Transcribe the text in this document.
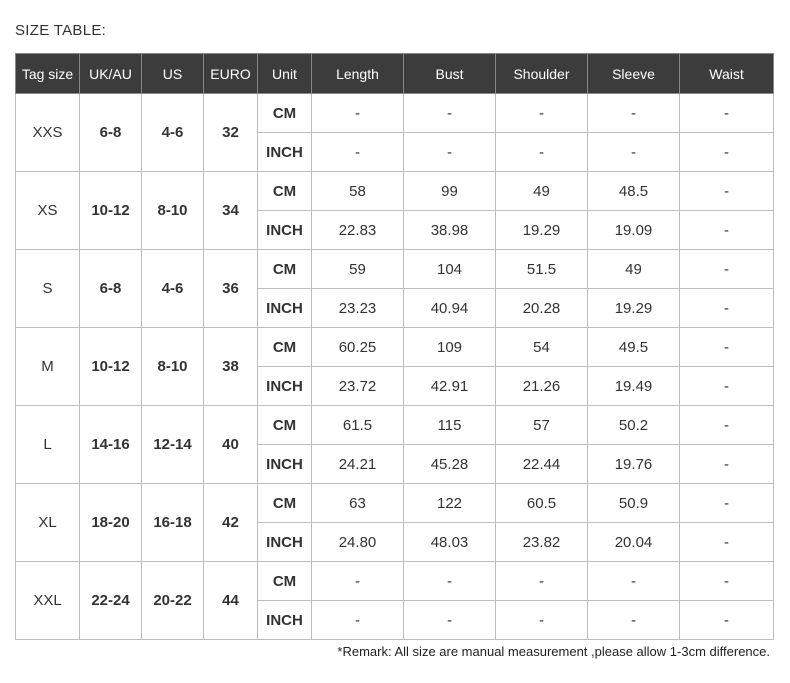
SIZE TABLE:
Tag size	UK/AU	US	EURO	Unit	Length	Bust	Shoulder	Sleeve	Waist
XXS	6-8	4-6	32	CM	-	-	-	-	-
				INCH	-	-	-	-	-
XS	10-12	8-10	34	CM	58	99	49	48.5	-
				INCH	22.83	38.98	19.29	19.09	-
S	6-8	4-6	36	CM	59	104	51.5	49	-
				INCH	23.23	40.94	20.28	19.29	-
M	10-12	8-10	38	CM	60.25	109	54	49.5	-
				INCH	23.72	42.91	21.26	19.49	-
L	14-16	12-14	40	CM	61.5	115	57	50.2	-
				INCH	24.21	45.28	22.44	19.76	-
XL	18-20	16-18	42	CM	63	122	60.5	50.9	-
				INCH	24.80	48.03	23.82	20.04	-
XXL	22-24	20-22	44	CM	-	-	-	-	-
				INCH	-	-	-	-	-
*Remark: All size are manual measurement ,please allow 1-3cm difference.
